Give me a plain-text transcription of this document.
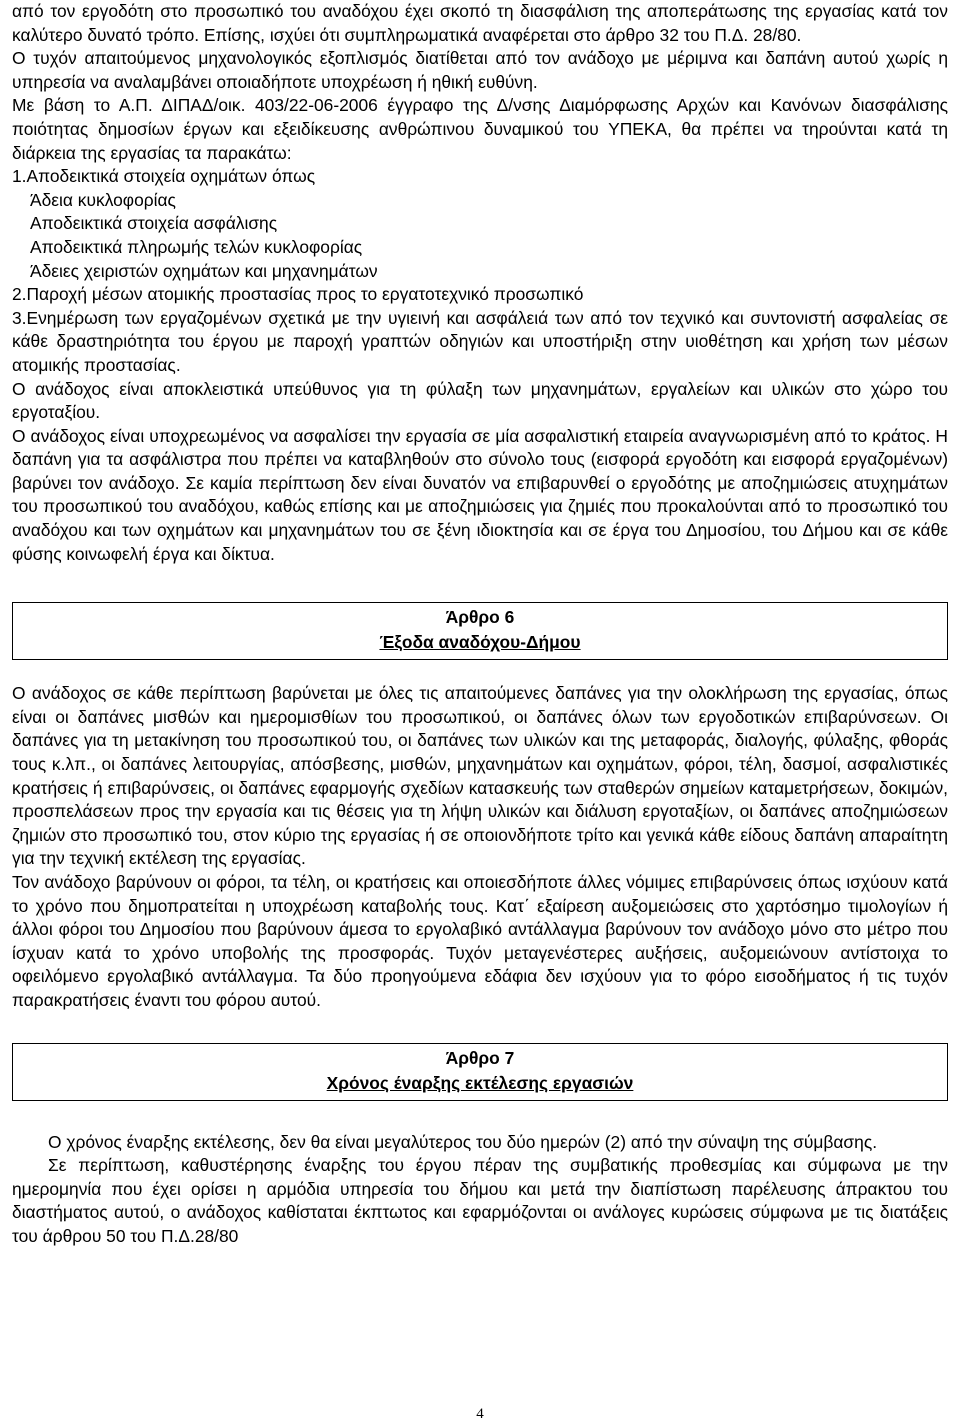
από τον εργοδότη στο προσωπικό του αναδόχου έχει σκοπό τη διασφάλιση της αποπεράτωσης της εργασίας κατά τον καλύτερο δυνατό τρόπο. Επίσης, ισχύει ότι συμπληρωματικά αναφέρεται στο άρθρο 32 του Π.Δ. 28/80.

Ο τυχόν απαιτούμενος μηχανολογικός εξοπλισμός διατίθεται από τον ανάδοχο με μέριμνα και δαπάνη αυτού χωρίς η υπηρεσία να αναλαμβάνει οποιαδήποτε υποχρέωση ή ηθική ευθύνη.

Με βάση το Α.Π. ΔΙΠΑΔ/οικ. 403/22-06-2006 έγγραφο της Δ/νσης Διαμόρφωσης Αρχών και Κανόνων διασφάλισης ποιότητας δημοσίων έργων και εξειδίκευσης ανθρώπινου δυναμικού του ΥΠΕΚΑ, θα πρέπει να τηρούνται κατά τη διάρκεια της εργασίας τα παρακάτω:

1.Αποδεικτικά στοιχεία οχημάτων όπως

Άδεια κυκλοφορίας

Αποδεικτικά στοιχεία ασφάλισης

Αποδεικτικά πληρωμής τελών κυκλοφορίας

Άδειες χειριστών οχημάτων και μηχανημάτων

2.Παροχή μέσων ατομικής προστασίας προς το εργατοτεχνικό προσωπικό

3.Ενημέρωση των εργαζομένων σχετικά με την υγιεινή και ασφάλειά των από τον τεχνικό και συντονιστή ασφαλείας σε κάθε δραστηριότητα του έργου με παροχή γραπτών οδηγιών και υποστήριξη στην υιοθέτηση και χρήση των μέσων ατομικής προστασίας.

Ο ανάδοχος είναι αποκλειστικά υπεύθυνος για τη φύλαξη των μηχανημάτων, εργαλείων και υλικών στο χώρο του εργοταξίου.

Ο ανάδοχος είναι υποχρεωμένος να ασφαλίσει την εργασία σε μία ασφαλιστική εταιρεία αναγνωρισμένη από το κράτος. Η δαπάνη για τα ασφάλιστρα που πρέπει να καταβληθούν στο σύνολο τους (εισφορά εργοδότη και εισφορά εργαζομένων) βαρύνει τον ανάδοχο. Σε καμία περίπτωση δεν είναι δυνατόν να επιβαρυνθεί ο εργοδότης με αποζημιώσεις ατυχημάτων του προσωπικού του αναδόχου, καθώς επίσης και με αποζημιώσεις για ζημιές που προκαλούνται από το προσωπικό του αναδόχου και των οχημάτων και μηχανημάτων του σε ξένη ιδιοκτησία και σε έργα του Δημοσίου, του Δήμου και σε κάθε φύσης κοινωφελή έργα και δίκτυα.

Άρθρο 6
Έξοδα αναδόχου-Δήμου

Ο ανάδοχος σε κάθε περίπτωση βαρύνεται με όλες τις απαιτούμενες δαπάνες για την ολοκλήρωση της εργασίας, όπως είναι οι δαπάνες μισθών και ημερομισθίων του προσωπικού, οι δαπάνες όλων των εργοδοτικών επιβαρύνσεων. Οι δαπάνες για τη μετακίνηση του προσωπικού του, οι δαπάνες των υλικών και της μεταφοράς, διαλογής, φύλαξης, φθοράς τους κ.λπ., οι δαπάνες λειτουργίας, απόσβεσης, μισθών, μηχανημάτων και οχημάτων, φόροι, τέλη, δασμοί, ασφαλιστικές κρατήσεις ή επιβαρύνσεις, οι δαπάνες εφαρμογής σχεδίων κατασκευής των σταθερών σημείων καταμετρήσεων, δοκιμών, προσπελάσεων προς την εργασία και τις θέσεις για τη λήψη υλικών και διάλυση εργοταξίων, οι δαπάνες αποζημιώσεων ζημιών στο προσωπικό του, στον κύριο της εργασίας ή σε οποιονδήποτε τρίτο και γενικά κάθε είδους δαπάνη απαραίτητη για την τεχνική εκτέλεση της εργασίας.

Τον ανάδοχο βαρύνουν οι φόροι, τα τέλη, οι κρατήσεις και οποιεσδήποτε άλλες νόμιμες επιβαρύνσεις όπως ισχύουν κατά το χρόνο που δημοπρατείται η υποχρέωση καταβολής τους. Κατ΄ εξαίρεση αυξομειώσεις στο χαρτόσημο τιμολογίων ή άλλοι φόροι του Δημοσίου που βαρύνουν άμεσα το εργολαβικό αντάλλαγμα βαρύνουν τον ανάδοχο μόνο στο μέτρο που ίσχυαν κατά το χρόνο υποβολής της προσφοράς. Τυχόν μεταγενέστερες αυξήσεις, αυξομειώνουν αντίστοιχα το οφειλόμενο εργολαβικό αντάλλαγμα. Τα δύο προηγούμενα εδάφια δεν ισχύουν για το φόρο εισοδήματος ή τις τυχόν παρακρατήσεις έναντι του φόρου αυτού.

Άρθρο 7
Χρόνος έναρξης εκτέλεσης εργασιών

Ο χρόνος έναρξης εκτέλεσης, δεν θα είναι μεγαλύτερος του δύο ημερών (2) από την σύναψη της σύμβασης.

Σε περίπτωση, καθυστέρησης έναρξης του έργου πέραν της συμβατικής προθεσμίας και σύμφωνα με την ημερομηνία που έχει ορίσει η αρμόδια υπηρεσία του δήμου και μετά την διαπίστωση παρέλευσης άπρακτου του διαστήματος αυτού, ο ανάδοχος καθίσταται έκπτωτος και εφαρμόζονται οι ανάλογες κυρώσεις σύμφωνα με τις διατάξεις του άρθρου 50 του Π.Δ.28/80

4
